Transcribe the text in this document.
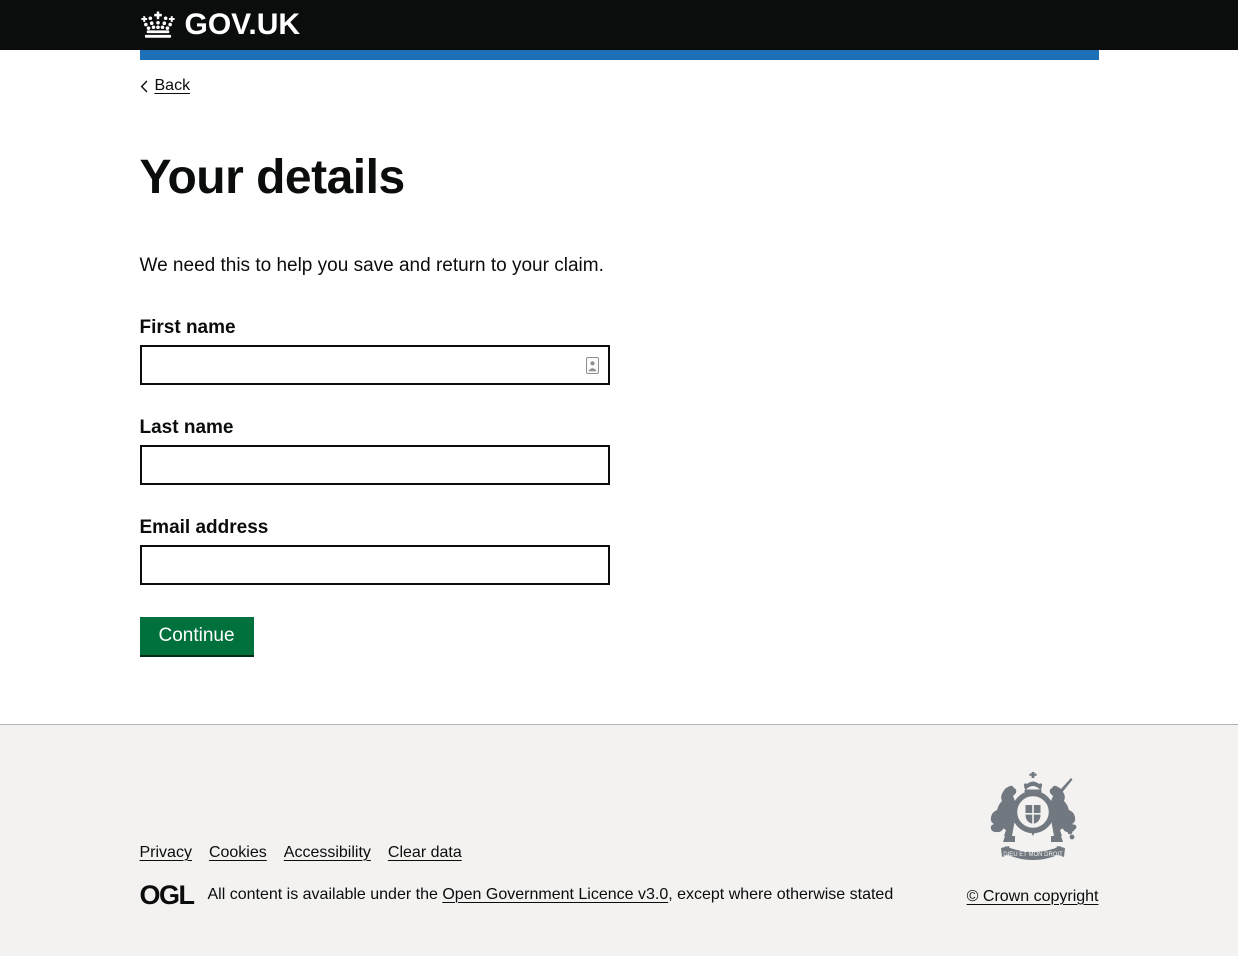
GOV.UK
Back
Your details

We need this to help you save and return to your claim.

First name
Last name
Email address
Continue
Privacy Cookies Accessibility Clear data
OGL All content is available under the Open Government Licence v3.0, except where otherwise stated
DIEU ET MON DROIT
© Crown copyright
